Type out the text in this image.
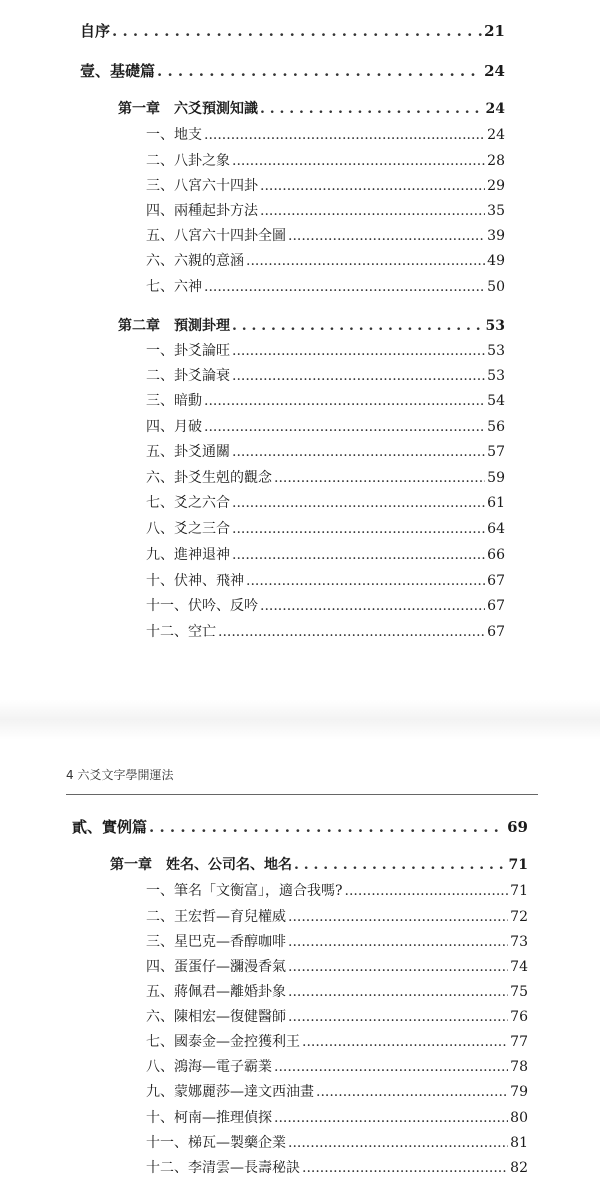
自序 . . .	21
壹、基礎篇 . . .	24
第一章　六爻預測知識 . . .	24
一、地支 .....	24
二、八卦之象 .....	28
三、八宮六十四卦 .....	29
四、兩種起卦方法 .....	35
五、八宮六十四卦全圖 .....	39
六、六親的意涵 .....	49
七、六神 .....	50
第二章　預測卦理 . . .	53
一、卦爻論旺 .....	53
二、卦爻論衰 .....	53
三、暗動 .....	54
四、月破 .....	56
五、卦爻通關 .....	57
六、卦爻生剋的觀念 .....	59
七、爻之六合 .....	61
八、爻之三合 .....	64
九、進神退神 .....	66
十、伏神、飛神 .....	67
十一、伏吟、反吟 .....	67
十二、空亡 .....	67
4 六爻文字學開運法
貳、實例篇 . . .	69
第一章　姓名、公司名、地名 . . .	71
一、筆名「文衡富」，適合我嗎? .....	71
二、王宏哲—育兒權威 .....	72
三、星巴克—香醇咖啡 .....	73
四、蛋蛋仔—瀰漫香氣 .....	74
五、蔣佩君—離婚卦象 .....	75
六、陳相宏—復健醫師 .....	76
七、國泰金—金控獲利王 .....	77
八、鴻海—電子霸業 .....	78
九、蒙娜麗莎—達文西油畫 .....	79
十、柯南—推理偵探 .....	80
十一、梯瓦—製藥企業 .....	81
十二、李清雲—長壽秘訣 .....	82
